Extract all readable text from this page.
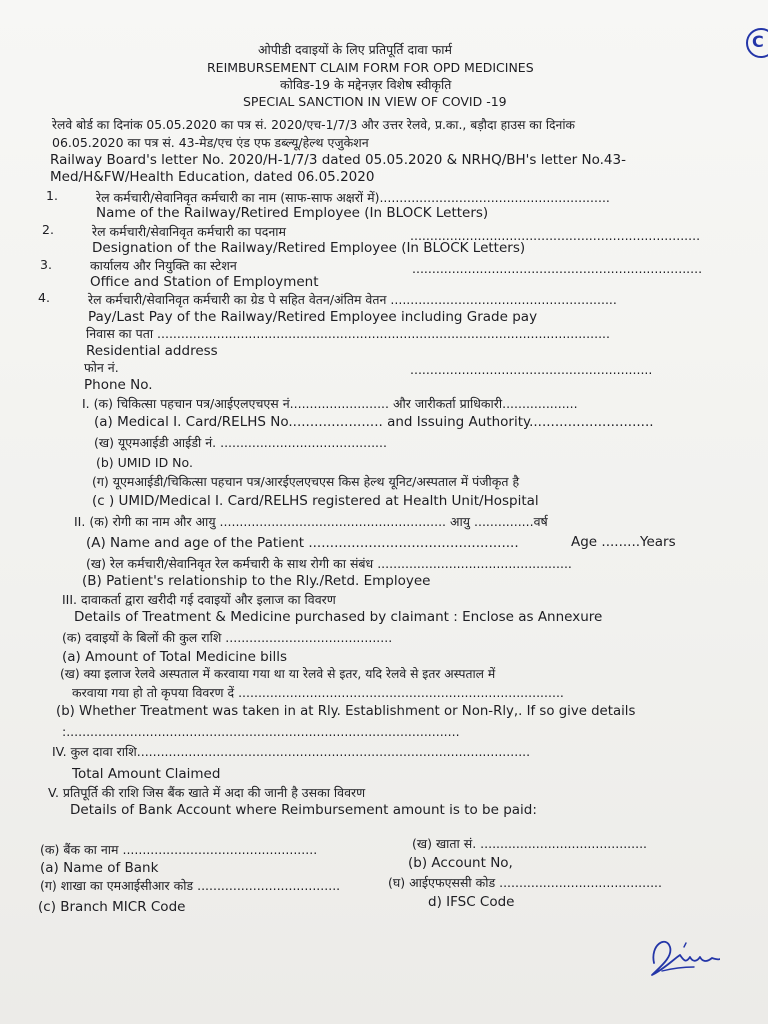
C
ओपीडी दवाइयों के लिए प्रतिपूर्ति दावा फार्म
REIMBURSEMENT CLAIM FORM FOR OPD MEDICINES
कोविड-19 के मद्देनज़र विशेष स्वीकृति
SPECIAL SANCTION IN VIEW OF COVID -19
रेलवे बोर्ड का दिनांक 05.05.2020 का पत्र सं. 2020/एच-1/7/3 और उत्तर रेलवे, प्र.का., बड़ौदा हाउस का दिनांक
06.05.2020 का पत्र सं. 43-मेड/एच एंड एफ डब्ल्यू/हेल्थ एजुकेशन
Railway Board's letter No. 2020/H-1/7/3 dated 05.05.2020 & NRHQ/BH's letter No.43-
Med/H&FW/Health Education, dated 06.05.2020
1.	रेल कर्मचारी/सेवानिवृत कर्मचारी का नाम (साफ-साफ अक्षरों में)..........................................................
Name of the Railway/Retired Employee (In BLOCK Letters)
2.	रेल कर्मचारी/सेवानिवृत कर्मचारी का पदनाम	.........................................................................
Designation of the Railway/Retired Employee (In BLOCK Letters)
3.	कार्यालय और नियुक्ति का स्टेशन	.........................................................................
Office and Station of Employment
4.	रेल कर्मचारी/सेवानिवृत कर्मचारी का ग्रेड पे सहित वेतन/अंतिम वेतन .........................................................
Pay/Last Pay of the Railway/Retired Employee including Grade pay
निवास का पता ..................................................................................................................
Residential address
फोन नं.	.............................................................
Phone No.
I. (क) चिकित्सा पहचान पत्र/आईएलएचएस नं......................... और जारीकर्ता प्राधिकारी...................
(a) Medical I. Card/RELHS No...................... and Issuing Authority.............................
(ख) यूएमआईडी आईडी नं. ..........................................
(b) UMID ID No.
(ग) यूएमआईडी/चिकित्सा पहचान पत्र/आरईएलएचएस किस हेल्थ यूनिट/अस्पताल में पंजीकृत है
(c ) UMID/Medical I. Card/RELHS registered at Health Unit/Hospital
II. (क) रोगी का नाम और आयु ......................................................... आयु ...............वर्ष
(A) Name and age of the Patient .................................................	Age .........Years
(ख) रेल कर्मचारी/सेवानिवृत रेल कर्मचारी के साथ रोगी का संबंध .................................................
(B) Patient's relationship to the Rly./Retd. Employee
III. दावाकर्ता द्वारा खरीदी गई दवाइयों और इलाज का विवरण
Details of Treatment & Medicine purchased by claimant : Enclose as Annexure
(क) दवाइयों के बिलों की कुल राशि ..........................................
(a) Amount of Total Medicine bills
(ख) क्या इलाज रेलवे अस्पताल में करवाया गया था या रेलवे से इतर, यदि रेलवे से इतर अस्पताल में
करवाया गया हो तो कृपया विवरण दें ..................................................................................
(b) Whether Treatment was taken in at Rly. Establishment or Non-Rly,. If so give details
:...................................................................................................
IV. कुल दावा राशि...................................................................................................
Total Amount Claimed
V. प्रतिपूर्ति की राशि जिस बैंक खाते में अदा की जानी है उसका विवरण
Details of Bank Account where Reimbursement amount is to be paid:
(क) बैंक का नाम .................................................	(ख) खाता सं. ..........................................
(a) Name of Bank	(b) Account No,
(ग) शाखा का एमआईसीआर कोड ....................................	(घ) आईएफएससी कोड .........................................
(c) Branch MICR Code	d) IFSC Code
